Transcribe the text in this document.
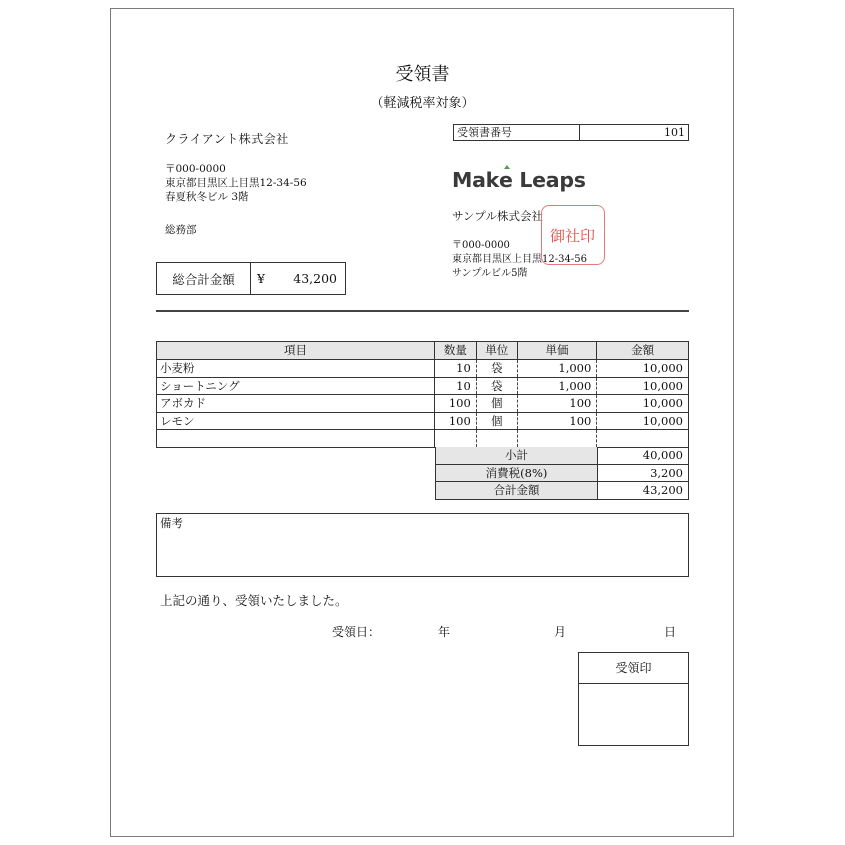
受領書
（軽減税率対象）
クライアント株式会社
〒000-0000
東京都目黒区上目黒12-34-56
春夏秋冬ビル 3階
総務部
総合計金額	¥ 43,200
受領書番号	101
Mak
e Leaps
サンプル株式会社
〒000-0000
東京都目黒区上目黒12-34-56
サンプルビル5階
御社印
項目	数量	単位	単価	金額
小麦粉	10	袋	1,000	10,000
ショートニング	10	袋	1,000	10,000
アボカド	100	個	100	10,000
レモン	100	個	100	10,000
小計	40,000
消費税(8%)	3,200
合計金額	43,200
備考
上記の通り、受領いたしました。
受領日：	年	月	日
受領印
